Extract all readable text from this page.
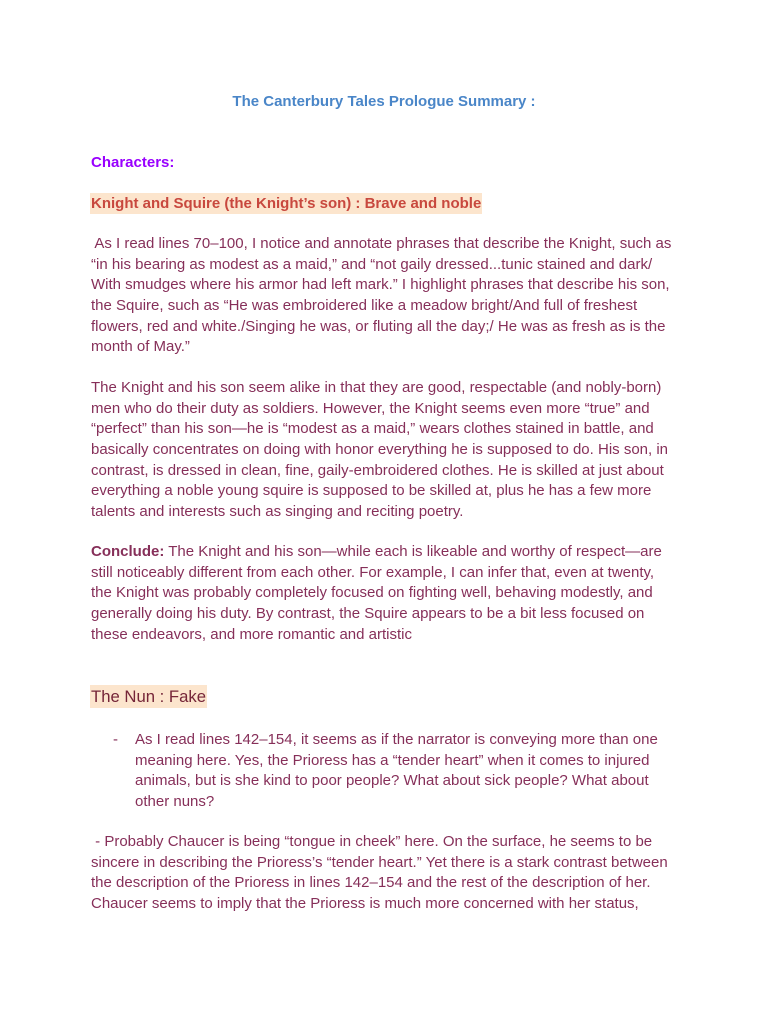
The Canterbury Tales Prologue Summary :
Characters:
Knight and Squire (the Knight’s son) : Brave and noble
As I read lines 70–100, I notice and annotate phrases that describe the Knight, such as
“in his bearing as modest as a maid,” and “not gaily dressed...tunic stained and dark/
With smudges where his armor had left mark.” I highlight phrases that describe his son,
the Squire, such as “He was embroidered like a meadow bright/And full of freshest
flowers, red and white./Singing he was, or fluting all the day;/ He was as fresh as is the
month of May.”
The Knight and his son seem alike in that they are good, respectable (and nobly-born)
men who do their duty as soldiers. However, the Knight seems even more “true” and
“perfect” than his son—he is “modest as a maid,” wears clothes stained in battle, and
basically concentrates on doing with honor everything he is supposed to do. His son, in
contrast, is dressed in clean, fine, gaily-embroidered clothes. He is skilled at just about
everything a noble young squire is supposed to be skilled at, plus he has a few more
talents and interests such as singing and reciting poetry.
Conclude: The Knight and his son—while each is likeable and worthy of respect—are
still noticeably different from each other. For example, I can infer that, even at twenty,
the Knight was probably completely focused on fighting well, behaving modestly, and
generally doing his duty. By contrast, the Squire appears to be a bit less focused on
these endeavors, and more romantic and artistic
The Nun : Fake
- As I read lines 142–154, it seems as if the narrator is conveying more than one
meaning here. Yes, the Prioress has a “tender heart” when it comes to injured
animals, but is she kind to poor people? What about sick people? What about
other nuns?
- Probably Chaucer is being “tongue in cheek” here. On the surface, he seems to be
sincere in describing the Prioress’s “tender heart.” Yet there is a stark contrast between
the description of the Prioress in lines 142–154 and the rest of the description of her.
Chaucer seems to imply that the Prioress is much more concerned with her status,
